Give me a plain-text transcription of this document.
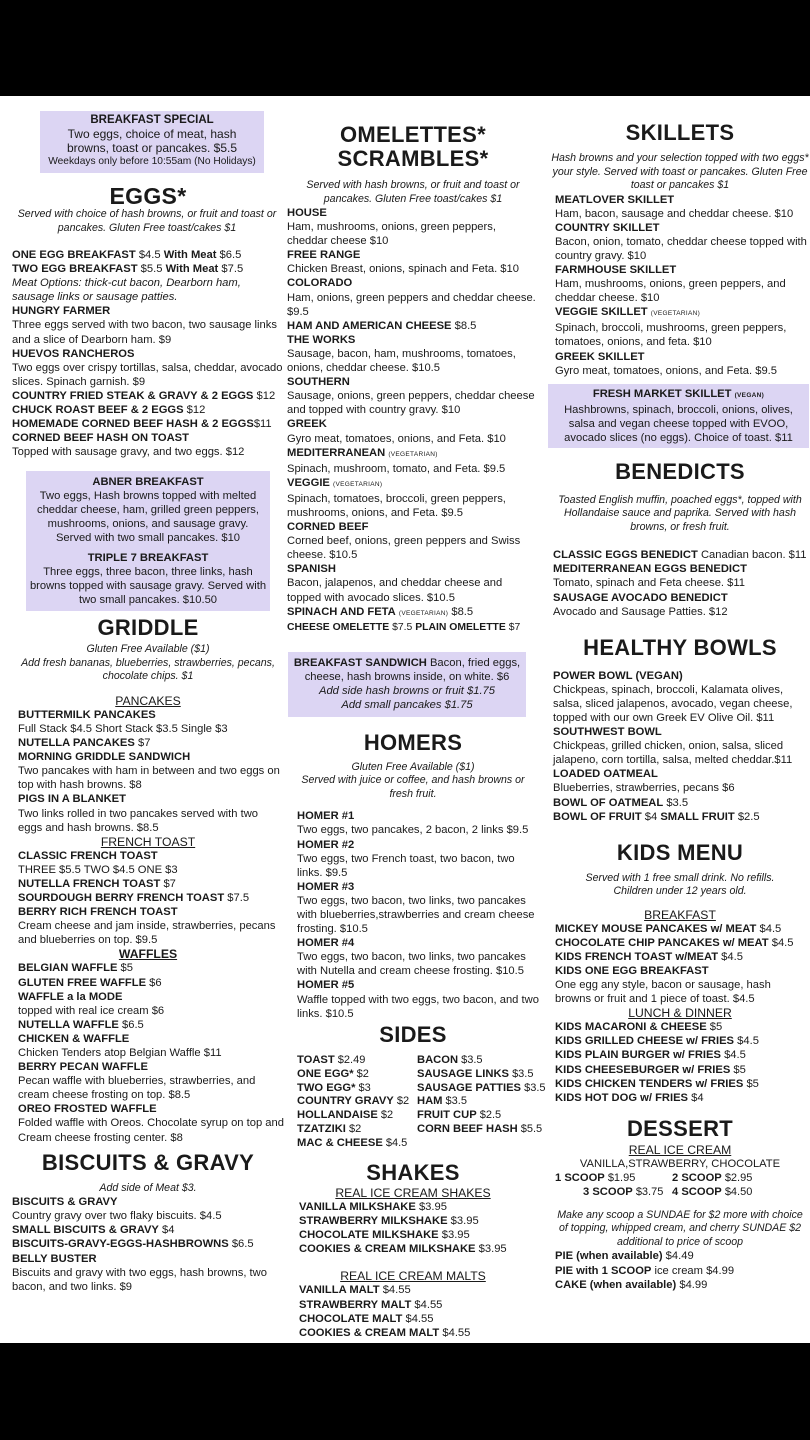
BREAKFAST SPECIAL
Two eggs, choice of meat, hash
browns, toast or pancakes. $5.5
Weekdays only before 10:55am (No Holidays)
EGGS*
Served with choice of hash browns, or fruit and toast or pancakes. Gluten Free toast/cakes $1
ONE EGG BREAKFAST $4.5 With Meat $6.5
TWO EGG BREAKFAST $5.5 With Meat $7.5
Meat Options: thick-cut bacon, Dearborn ham, sausage links or sausage patties.
HUNGRY FARMER
Three eggs served with two bacon, two sausage links and a slice of Dearborn ham. $9
HUEVOS RANCHEROS
Two eggs over crispy tortillas, salsa, cheddar, avocado slices. Spinach garnish. $9
COUNTRY FRIED STEAK & GRAVY & 2 EGGS $12
CHUCK ROAST BEEF & 2 EGGS $12
HOMEMADE CORNED BEEF HASH & 2 EGGS$11
CORNED BEEF HASH ON TOAST
Topped with sausage gravy, and two eggs. $12
ABNER BREAKFAST
Two eggs, Hash browns topped with melted cheddar cheese, ham, grilled green peppers, mushrooms, onions, and sausage gravy. Served with two small pancakes. $10
TRIPLE 7 BREAKFAST
Three eggs, three bacon, three links, hash browns topped with sausage gravy. Served with two small pancakes. $10.50
GRIDDLE
Gluten Free Available ($1)
Add fresh bananas, blueberries, strawberries, pecans, chocolate chips. $1
PANCAKES
BUTTERMILK PANCAKES
Full Stack $4.5 Short Stack $3.5 Single $3
NUTELLA PANCAKES $7
MORNING GRIDDLE SANDWICH
Two pancakes with ham in between and two eggs on top with hash browns. $8
PIGS IN A BLANKET
Two links rolled in two pancakes served with two eggs and hash browns. $8.5
FRENCH TOAST
CLASSIC FRENCH TOAST
THREE $5.5 TWO $4.5 ONE $3
NUTELLA FRENCH TOAST $7
SOURDOUGH BERRY FRENCH TOAST $7.5
BERRY RICH FRENCH TOAST
Cream cheese and jam inside, strawberries, pecans and blueberries on top. $9.5
WAFFLES
BELGIAN WAFFLE $5
GLUTEN FREE WAFFLE $6
WAFFLE a la MODE
topped with real ice cream $6
NUTELLA WAFFLE $6.5
CHICKEN & WAFFLE
Chicken Tenders atop Belgian Waffle $11
BERRY PECAN WAFFLE
Pecan waffle with blueberries, strawberries, and cream cheese frosting on top. $8.5
OREO FROSTED WAFFLE
Folded waffle with Oreos. Chocolate syrup on top and Cream cheese frosting center. $8
BISCUITS & GRAVY
Add side of Meat $3.
BISCUITS & GRAVY
Country gravy over two flaky biscuits. $4.5
SMALL BISCUITS & GRAVY $4
BISCUITS-GRAVY-EGGS-HASHBROWNS $6.5
BELLY BUSTER
Biscuits and gravy with two eggs, hash browns, two bacon, and two links. $9
OMELETTES*
SCRAMBLES*
Served with hash browns, or fruit and toast or pancakes. Gluten Free toast/cakes $1
HOUSE
Ham, mushrooms, onions, green peppers, cheddar cheese $10
FREE RANGE
Chicken Breast, onions, spinach and Feta. $10
COLORADO
Ham, onions, green peppers and cheddar cheese. $9.5
HAM AND AMERICAN CHEESE $8.5
THE WORKS
Sausage, bacon, ham, mushrooms, tomatoes, onions, cheddar cheese. $10.5
SOUTHERN
Sausage, onions, green peppers, cheddar cheese and topped with country gravy. $10
GREEK
Gyro meat, tomatoes, onions, and Feta. $10
MEDITERRANEAN (VEGETARIAN)
Spinach, mushroom, tomato, and Feta. $9.5
VEGGIE (VEGETARIAN)
Spinach, tomatoes, broccoli, green peppers, mushrooms, onions, and Feta. $9.5
CORNED BEEF
Corned beef, onions, green peppers and Swiss cheese. $10.5
SPANISH
Bacon, jalapenos, and cheddar cheese and topped with avocado slices. $10.5
SPINACH AND FETA (VEGETARIAN) $8.5
CHEESE OMELETTE $7.5 PLAIN OMELETTE $7
BREAKFAST SANDWICH Bacon, fried eggs, cheese, hash browns inside, on white. $6
Add side hash browns or fruit $1.75
Add small pancakes $1.75
HOMERS
Gluten Free Available ($1)
Served with juice or coffee, and hash browns or fresh fruit.
HOMER #1
Two eggs, two pancakes, 2 bacon, 2 links $9.5
HOMER #2
Two eggs, two French toast, two bacon, two links. $9.5
HOMER #3
Two eggs, two bacon, two links, two pancakes with blueberries,strawberries and cream cheese frosting. $10.5
HOMER #4
Two eggs, two bacon, two links, two pancakes with Nutella and cream cheese frosting. $10.5
HOMER #5
Waffle topped with two eggs, two bacon, and two links. $10.5
SIDES
TOAST $2.49	BACON $3.5
ONE EGG* $2	SAUSAGE LINKS $3.5
TWO EGG* $3	SAUSAGE PATTIES $3.5
COUNTRY GRAVY $2 HAM $3.5
HOLLANDAISE $2	FRUIT CUP $2.5
TZATZIKI $2	CORN BEEF HASH $5.5
MAC & CHEESE $4.5
SHAKES
REAL ICE CREAM SHAKES
VANILLA MILKSHAKE $3.95
STRAWBERRY MILKSHAKE $3.95
CHOCOLATE MILKSHAKE $3.95
COOKIES & CREAM MILKSHAKE $3.95
REAL ICE CREAM MALTS
VANILLA MALT $4.55
STRAWBERRY MALT $4.55
CHOCOLATE MALT $4.55
COOKIES & CREAM MALT $4.55
SKILLETS
Hash browns and your selection topped with two eggs* your style. Served with toast or pancakes. Gluten Free toast or pancakes $1
MEATLOVER SKILLET
Ham, bacon, sausage and cheddar cheese. $10
COUNTRY SKILLET
Bacon, onion, tomato, cheddar cheese topped with country gravy. $10
FARMHOUSE SKILLET
Ham, mushrooms, onions, green peppers, and cheddar cheese. $10
VEGGIE SKILLET (VEGETARIAN)
Spinach, broccoli, mushrooms, green peppers, tomatoes, onions, and feta. $10
GREEK SKILLET
Gyro meat, tomatoes, onions, and Feta. $9.5
FRESH MARKET SKILLET (VEGAN)
Hashbrowns, spinach, broccoli, onions, olives, salsa and vegan cheese topped with EVOO, avocado slices (no eggs). Choice of toast. $11
BENEDICTS
Toasted English muffin, poached eggs*, topped with Hollandaise sauce and paprika. Served with hash browns, or fresh fruit.
CLASSIC EGGS BENEDICT Canadian bacon. $11
MEDITERRANEAN EGGS BENEDICT
Tomato, spinach and Feta cheese. $11
SAUSAGE AVOCADO BENEDICT
Avocado and Sausage Patties. $12
HEALTHY BOWLS
POWER BOWL (VEGAN)
Chickpeas, spinach, broccoli, Kalamata olives, salsa, sliced jalapenos, avocado, vegan cheese, topped with our own Greek EV Olive Oil. $11
SOUTHWEST BOWL
Chickpeas, grilled chicken, onion, salsa, sliced jalapeno, corn tortilla, salsa, melted cheddar.$11
LOADED OATMEAL
Blueberries, strawberries, pecans $6
BOWL OF OATMEAL $3.5
BOWL OF FRUIT $4 SMALL FRUIT $2.5
KIDS MENU
Served with 1 free small drink. No refills. Children under 12 years old.
BREAKFAST
MICKEY MOUSE PANCAKES w/ MEAT $4.5
CHOCOLATE CHIP PANCAKES w/ MEAT $4.5
KIDS FRENCH TOAST w/MEAT $4.5
KIDS ONE EGG BREAKFAST
One egg any style, bacon or sausage, hash browns or fruit and 1 piece of toast. $4.5
LUNCH & DINNER
KIDS MACARONI & CHEESE $5
KIDS GRILLED CHEESE w/ FRIES $4.5
KIDS PLAIN BURGER w/ FRIES $4.5
KIDS CHEESEBURGER w/ FRIES $5
KIDS CHICKEN TENDERS w/ FRIES $5
KIDS HOT DOG w/ FRIES $4
DESSERT
REAL ICE CREAM
VANILLA,STRAWBERRY, CHOCOLATE
1 SCOOP $1.95	2 SCOOP $2.95
3 SCOOP $3.75 4 SCOOP $4.50
Make any scoop a SUNDAE for $2 more with choice of topping, whipped cream, and cherry SUNDAE $2 additional to price of scoop
PIE (when available) $4.49
PIE with 1 SCOOP ice cream $4.99
CAKE (when available) $4.99
